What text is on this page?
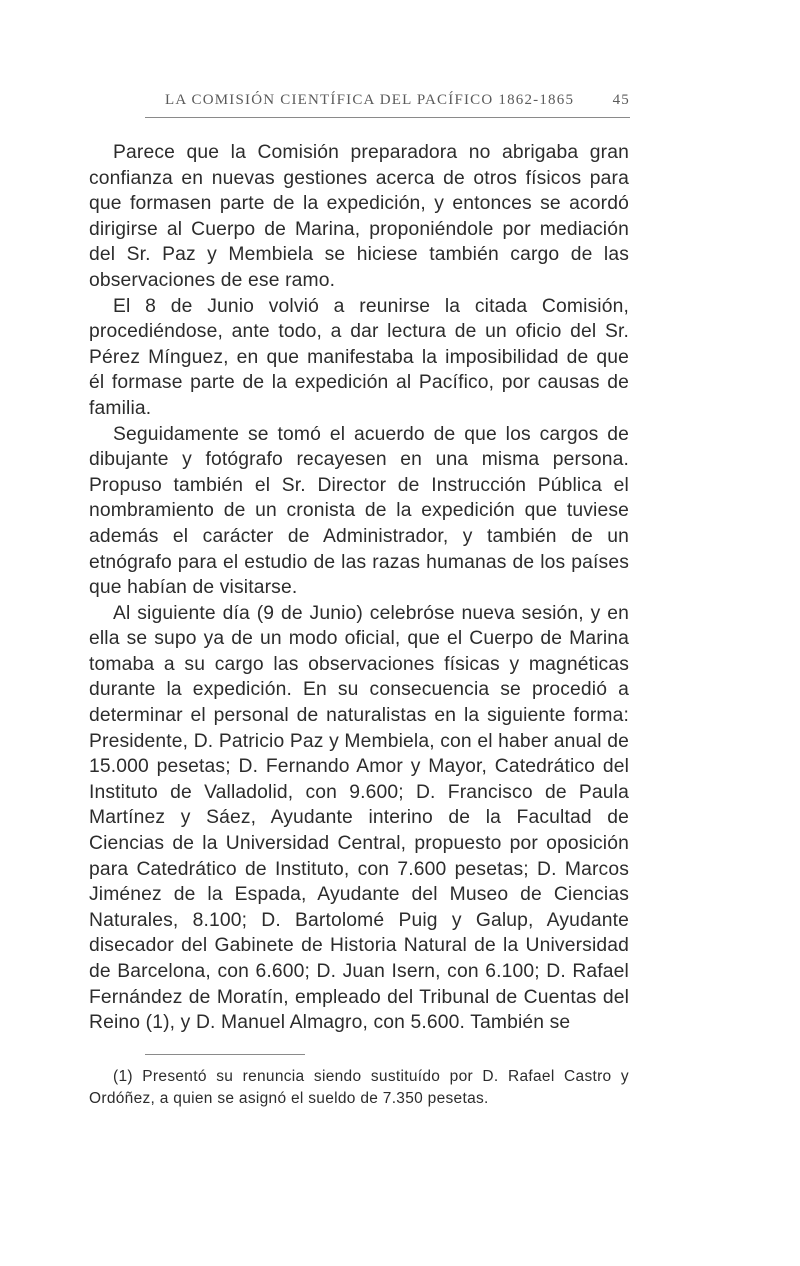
LA COMISIÓN CIENTÍFICA DEL PACÍFICO 1862-1865	45

Parece que la Comisión preparadora no abrigaba gran confianza en nuevas gestiones acerca de otros físicos para que formasen parte de la expedición, y entonces se acordó dirigirse al Cuerpo de Marina, proponiéndole por mediación del Sr. Paz y Membiela se hiciese también cargo de las observaciones de ese ramo.

El 8 de Junio volvió a reunirse la citada Comisión, procediéndose, ante todo, a dar lectura de un oficio del Sr. Pérez Mínguez, en que manifestaba la imposibilidad de que él formase parte de la expedición al Pacífico, por causas de familia.

Seguidamente se tomó el acuerdo de que los cargos de dibujante y fotógrafo recayesen en una misma persona. Propuso también el Sr. Director de Instrucción Pública el nombramiento de un cronista de la expedición que tuviese además el carácter de Administrador, y también de un etnógrafo para el estudio de las razas humanas de los países que habían de visitarse.

Al siguiente día (9 de Junio) celebróse nueva sesión, y en ella se supo ya de un modo oficial, que el Cuerpo de Marina tomaba a su cargo las observaciones físicas y magnéticas durante la expedición. En su consecuencia se procedió a determinar el personal de naturalistas en la siguiente forma: Presidente, D. Patricio Paz y Membiela, con el haber anual de 15.000 pesetas; D. Fernando Amor y Mayor, Catedrático del Instituto de Valladolid, con 9.600; D. Francisco de Paula Martínez y Sáez, Ayudante interino de la Facultad de Ciencias de la Universidad Central, propuesto por oposición para Catedrático de Instituto, con 7.600 pesetas; D. Marcos Jiménez de la Espada, Ayudante del Museo de Ciencias Naturales, 8.100; D. Bartolomé Puig y Galup, Ayudante disecador del Gabinete de Historia Natural de la Universidad de Barcelona, con 6.600; D. Juan Isern, con 6.100; D. Rafael Fernández de Moratín, empleado del Tribunal de Cuentas del Reino (1), y D. Manuel Almagro, con 5.600. También se

(1) Presentó su renuncia siendo sustituído por D. Rafael Castro y Ordóñez, a quien se asignó el sueldo de 7.350 pesetas.
